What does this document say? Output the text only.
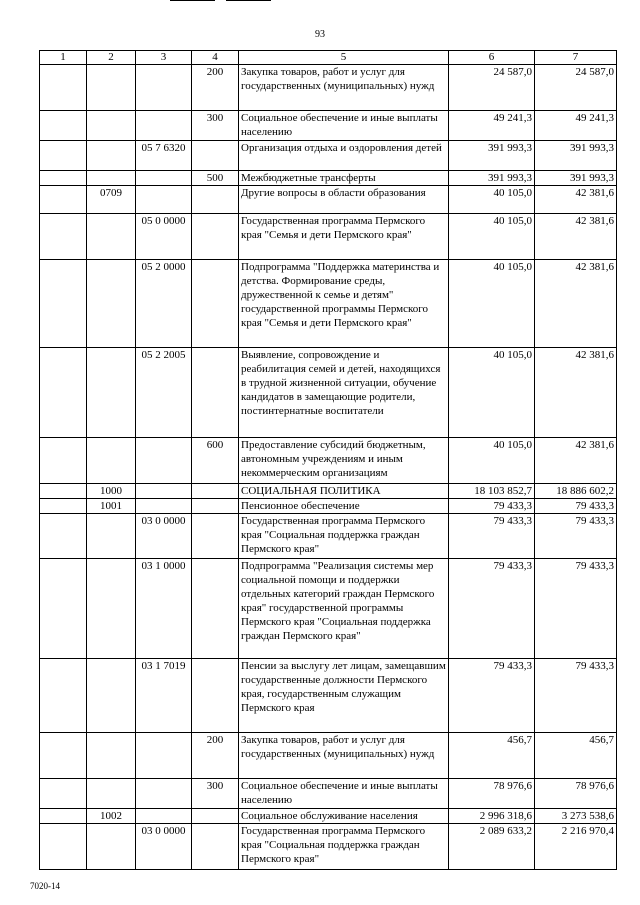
93
1	2	3	4	5	6	7
			200	Закупка товаров, работ и услуг для государственных (муниципальных) нужд	24 587,0	24 587,0
			300	Социальное обеспечение и иные выплаты населению	49 241,3	49 241,3
		05 7 6320		Организация отдыха и оздоровления детей	391 993,3	391 993,3
			500	Межбюджетные трансферты	391 993,3	391 993,3
	0709			Другие вопросы в области образования	40 105,0	42 381,6
		05 0 0000		Государственная программа Пермского края "Семья и дети Пермского края"	40 105,0	42 381,6
		05 2 0000		Подпрограмма "Поддержка материнства и детства. Формирование среды, дружественной к семье и детям" государственной программы Пермского края "Семья и дети Пермского края"	40 105,0	42 381,6
		05 2 2005		Выявление, сопровождение и реабилитация семей и детей, находящихся в трудной жизненной ситуации, обучение кандидатов в замещающие родители, постинтернатные воспитатели	40 105,0	42 381,6
			600	Предоставление субсидий бюджетным, автономным учреждениям и иным некоммерческим организациям	40 105,0	42 381,6
	1000			СОЦИАЛЬНАЯ ПОЛИТИКА	18 103 852,7	18 886 602,2
	1001			Пенсионное обеспечение	79 433,3	79 433,3
		03 0 0000		Государственная программа Пермского края "Социальная поддержка граждан Пермского края"	79 433,3	79 433,3
		03 1 0000		Подпрограмма "Реализация системы мер социальной помощи и поддержки отдельных категорий граждан Пермского края" государственной программы Пермского края "Социальная поддержка граждан Пермского края"	79 433,3	79 433,3
		03 1 7019		Пенсии за выслугу лет лицам, замещавшим государственные должности Пермского края, государственным служащим Пермского края	79 433,3	79 433,3
			200	Закупка товаров, работ и услуг для государственных (муниципальных) нужд	456,7	456,7
			300	Социальное обеспечение и иные выплаты населению	78 976,6	78 976,6
	1002			Социальное обслуживание населения	2 996 318,6	3 273 538,6
		03 0 0000		Государственная программа Пермского края "Социальная поддержка граждан Пермского края"	2 089 633,2	2 216 970,4
7020-14
